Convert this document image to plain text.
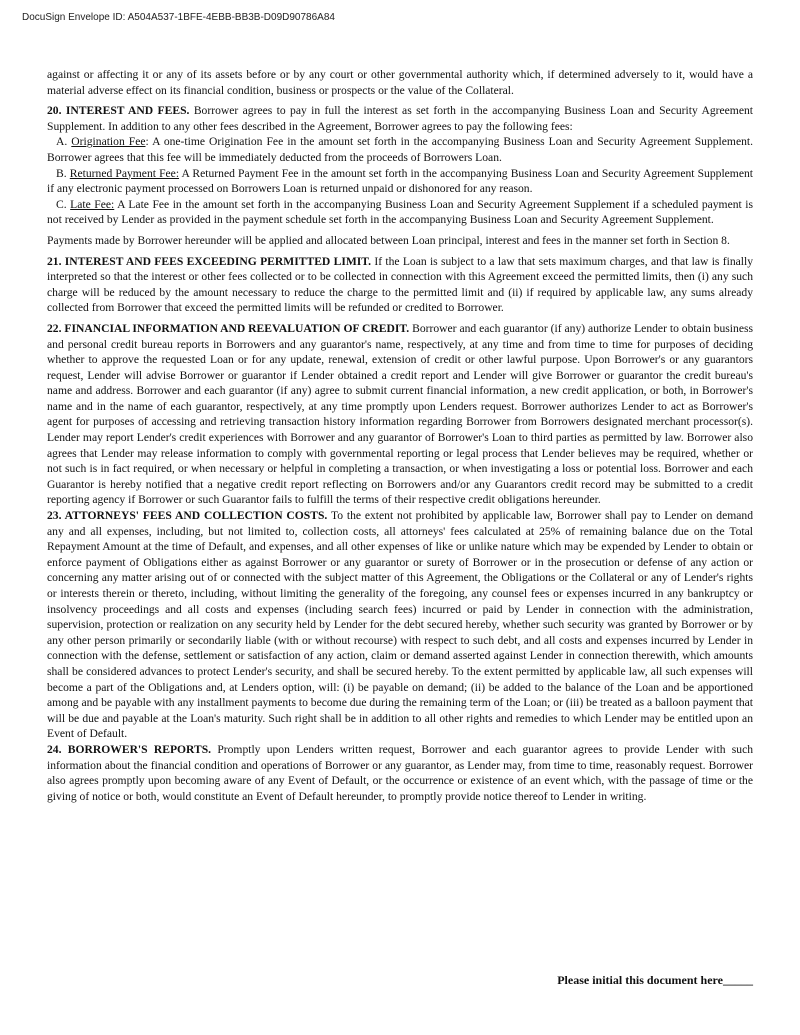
DocuSign Envelope ID: A504A537-1BFE-4EBB-BB3B-D09D90786A84

against or affecting it or any of its assets before or by any court or other governmental authority which, if determined adversely to it, would have a material adverse effect on its financial condition, business or prospects or the value of the Collateral.

20. INTEREST AND FEES. Borrower agrees to pay in full the interest as set forth in the accompanying Business Loan and Security Agreement Supplement. In addition to any other fees described in the Agreement, Borrower agrees to pay the following fees:

A. Origination Fee: A one-time Origination Fee in the amount set forth in the accompanying Business Loan and Security Agreement Supplement. Borrower agrees that this fee will be immediately deducted from the proceeds of Borrowers Loan.

B. Returned Payment Fee: A Returned Payment Fee in the amount set forth in the accompanying Business Loan and Security Agreement Supplement if any electronic payment processed on Borrowers Loan is returned unpaid or dishonored for any reason.

C. Late Fee: A Late Fee in the amount set forth in the accompanying Business Loan and Security Agreement Supplement if a scheduled payment is not received by Lender as provided in the payment schedule set forth in the accompanying Business Loan and Security Agreement Supplement.

Payments made by Borrower hereunder will be applied and allocated between Loan principal, interest and fees in the manner set forth in Section 8.

21. INTEREST AND FEES EXCEEDING PERMITTED LIMIT. If the Loan is subject to a law that sets maximum charges, and that law is finally interpreted so that the interest or other fees collected or to be collected in connection with this Agreement exceed the permitted limits, then (i) any such charge will be reduced by the amount necessary to reduce the charge to the permitted limit and (ii) if required by applicable law, any sums already collected from Borrower that exceed the permitted limits will be refunded or credited to Borrower.

22. FINANCIAL INFORMATION AND REEVALUATION OF CREDIT. Borrower and each guarantor (if any) authorize Lender to obtain business and personal credit bureau reports in Borrowers and any guarantor's name, respectively, at any time and from time to time for purposes of deciding whether to approve the requested Loan or for any update, renewal, extension of credit or other lawful purpose. Upon Borrower's or any guarantors request, Lender will advise Borrower or guarantor if Lender obtained a credit report and Lender will give Borrower or guarantor the credit bureau's name and address. Borrower and each guarantor (if any) agree to submit current financial information, a new credit application, or both, in Borrower's name and in the name of each guarantor, respectively, at any time promptly upon Lenders request. Borrower authorizes Lender to act as Borrower's agent for purposes of accessing and retrieving transaction history information regarding Borrower from Borrowers designated merchant processor(s). Lender may report Lender's credit experiences with Borrower and any guarantor of Borrower's Loan to third parties as permitted by law. Borrower also agrees that Lender may release information to comply with governmental reporting or legal process that Lender believes may be required, whether or not such is in fact required, or when necessary or helpful in completing a transaction, or when investigating a loss or potential loss. Borrower and each Guarantor is hereby notified that a negative credit report reflecting on Borrowers and/or any Guarantors credit record may be submitted to a credit reporting agency if Borrower or such Guarantor fails to fulfill the terms of their respective credit obligations hereunder.

23. ATTORNEYS' FEES AND COLLECTION COSTS. To the extent not prohibited by applicable law, Borrower shall pay to Lender on demand any and all expenses, including, but not limited to, collection costs, all attorneys' fees calculated at 25% of remaining balance due on the Total Repayment Amount at the time of Default, and expenses, and all other expenses of like or unlike nature which may be expended by Lender to obtain or enforce payment of Obligations either as against Borrower or any guarantor or surety of Borrower or in the prosecution or defense of any action or concerning any matter arising out of or connected with the subject matter of this Agreement, the Obligations or the Collateral or any of Lender's rights or interests therein or thereto, including, without limiting the generality of the foregoing, any counsel fees or expenses incurred in any bankruptcy or insolvency proceedings and all costs and expenses (including search fees) incurred or paid by Lender in connection with the administration, supervision, protection or realization on any security held by Lender for the debt secured hereby, whether such security was granted by Borrower or by any other person primarily or secondarily liable (with or without recourse) with respect to such debt, and all costs and expenses incurred by Lender in connection with the defense, settlement or satisfaction of any action, claim or demand asserted against Lender in connection therewith, which amounts shall be considered advances to protect Lender's security, and shall be secured hereby. To the extent permitted by applicable law, all such expenses will become a part of the Obligations and, at Lenders option, will: (i) be payable on demand; (ii) be added to the balance of the Loan and be apportioned among and be payable with any installment payments to become due during the remaining term of the Loan; or (iii) be treated as a balloon payment that will be due and payable at the Loan's maturity. Such right shall be in addition to all other rights and remedies to which Lender may be entitled upon an Event of Default.

24. BORROWER'S REPORTS. Promptly upon Lenders written request, Borrower and each guarantor agrees to provide Lender with such information about the financial condition and operations of Borrower or any guarantor, as Lender may, from time to time, reasonably request. Borrower also agrees promptly upon becoming aware of any Event of Default, or the occurrence or existence of an event which, with the passage of time or the giving of notice or both, would constitute an Event of Default hereunder, to promptly provide notice thereof to Lender in writing.

Please initial this document here_____
